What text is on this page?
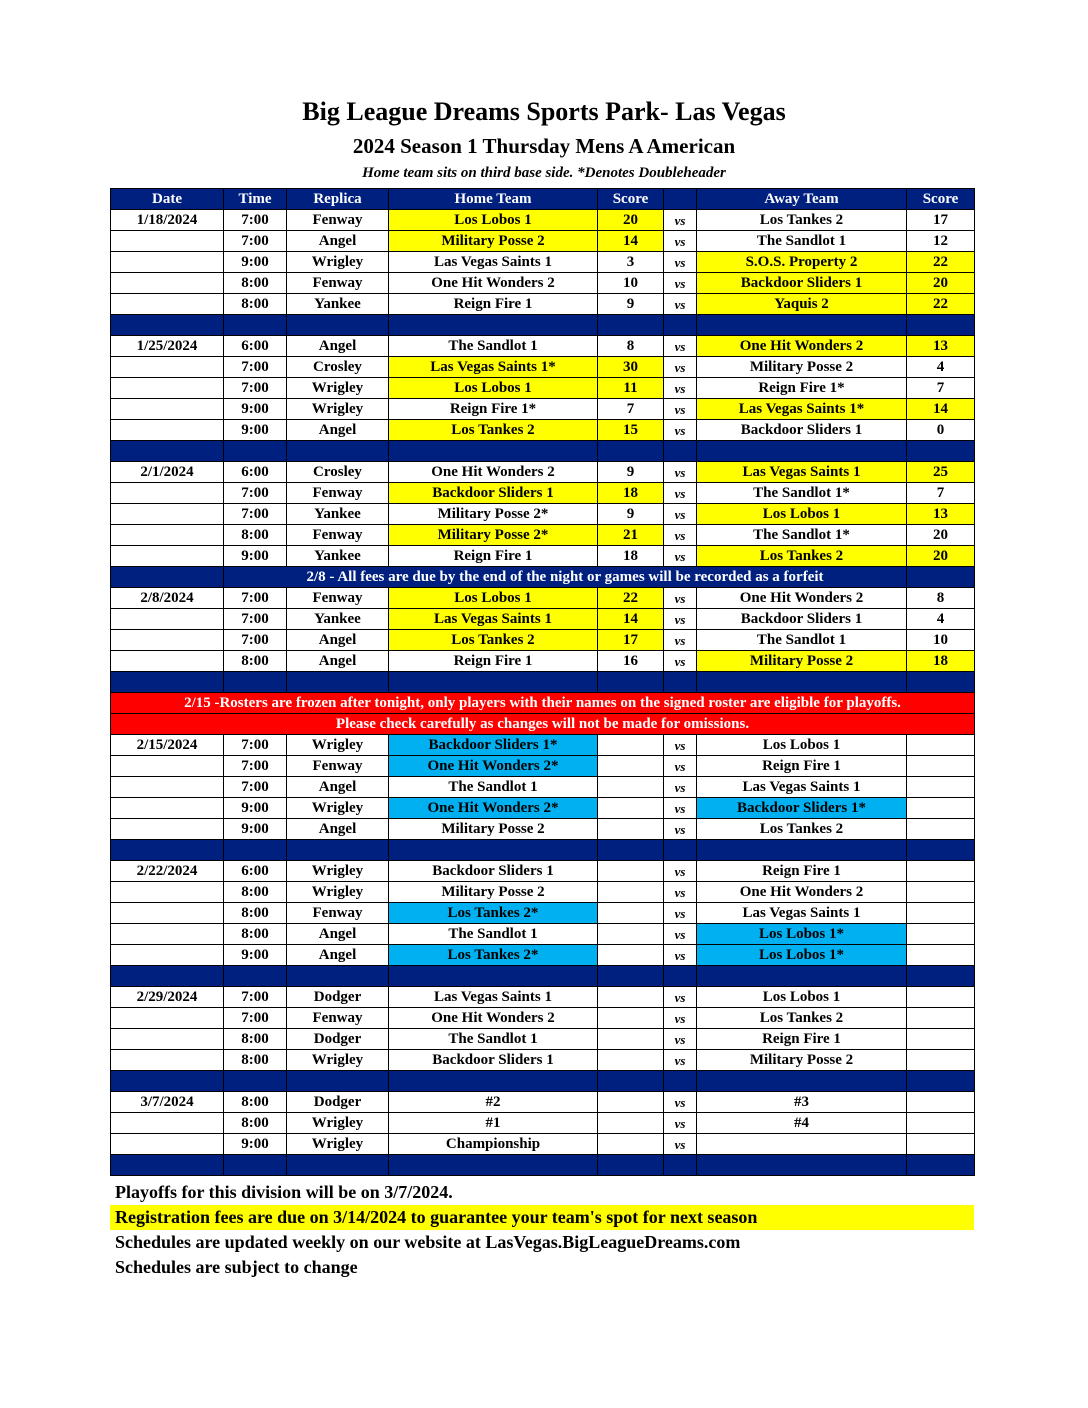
Big League Dreams Sports Park- Las Vegas
2024 Season 1 Thursday Mens A American
Home team sits on third base side. *Denotes Doubleheader
Date	Time	Replica	Home Team	Score		Away Team	Score
1/18/2024	7:00	Fenway	Los Lobos 1	20	vs	Los Tankes 2	17
	7:00	Angel	Military Posse 2	14	vs	The Sandlot 1	12
	9:00	Wrigley	Las Vegas Saints 1	3	vs	S.O.S. Property 2	22
	8:00	Fenway	One Hit Wonders 2	10	vs	Backdoor Sliders 1	20
	8:00	Yankee	Reign Fire 1	9	vs	Yaquis 2	22

1/25/2024	6:00	Angel	The Sandlot 1	8	vs	One Hit Wonders 2	13
	7:00	Crosley	Las Vegas Saints 1*	30	vs	Military Posse 2	4
	7:00	Wrigley	Los Lobos 1	11	vs	Reign Fire 1*	7
	9:00	Wrigley	Reign Fire 1*	7	vs	Las Vegas Saints 1*	14
	9:00	Angel	Los Tankes 2	15	vs	Backdoor Sliders 1	0

2/1/2024	6:00	Crosley	One Hit Wonders 2	9	vs	Las Vegas Saints 1	25
	7:00	Fenway	Backdoor Sliders 1	18	vs	The Sandlot 1*	7
	7:00	Yankee	Military Posse 2*	9	vs	Los Lobos 1	13
	8:00	Fenway	Military Posse 2*	21	vs	The Sandlot 1*	20
	9:00	Yankee	Reign Fire 1	18	vs	Los Tankes 2	20
	2/8 - All fees are due by the end of the night or games will be recorded as a forfeit						
2/8/2024	7:00	Fenway	Los Lobos 1	22	vs	One Hit Wonders 2	8
	7:00	Yankee	Las Vegas Saints 1	14	vs	Backdoor Sliders 1	4
	7:00	Angel	Los Tankes 2	17	vs	The Sandlot 1	10
	8:00	Angel	Reign Fire 1	16	vs	Military Posse 2	18

2/15 -Rosters are frozen after tonight, only players with their names on the signed roster are eligible for playoffs.							
Please check carefully as changes will not be made for omissions.							
2/15/2024	7:00	Wrigley	Backdoor Sliders 1*		vs	Los Lobos 1	
	7:00	Fenway	One Hit Wonders 2*		vs	Reign Fire 1	
	7:00	Angel	The Sandlot 1		vs	Las Vegas Saints 1	
	9:00	Wrigley	One Hit Wonders 2*		vs	Backdoor Sliders 1*	
	9:00	Angel	Military Posse 2		vs	Los Tankes 2	

2/22/2024	6:00	Wrigley	Backdoor Sliders 1		vs	Reign Fire 1	
	8:00	Wrigley	Military Posse 2		vs	One Hit Wonders 2	
	8:00	Fenway	Los Tankes 2*		vs	Las Vegas Saints 1	
	8:00	Angel	The Sandlot 1		vs	Los Lobos 1*	
	9:00	Angel	Los Tankes 2*		vs	Los Lobos 1*	

2/29/2024	7:00	Dodger	Las Vegas Saints 1		vs	Los Lobos 1	
	7:00	Fenway	One Hit Wonders 2		vs	Los Tankes 2	
	8:00	Dodger	The Sandlot 1		vs	Reign Fire 1	
	8:00	Wrigley	Backdoor Sliders 1		vs	Military Posse 2	

3/7/2024	8:00	Dodger	#2		vs	#3	
	8:00	Wrigley	#1		vs	#4	
	9:00	Wrigley	Championship		vs		

Playoffs for this division will be on 3/7/2024.
Registration fees are due on 3/14/2024 to guarantee your team's spot for next season
Schedules are updated weekly on our website at LasVegas.BigLeagueDreams.com
Schedules are subject to change
